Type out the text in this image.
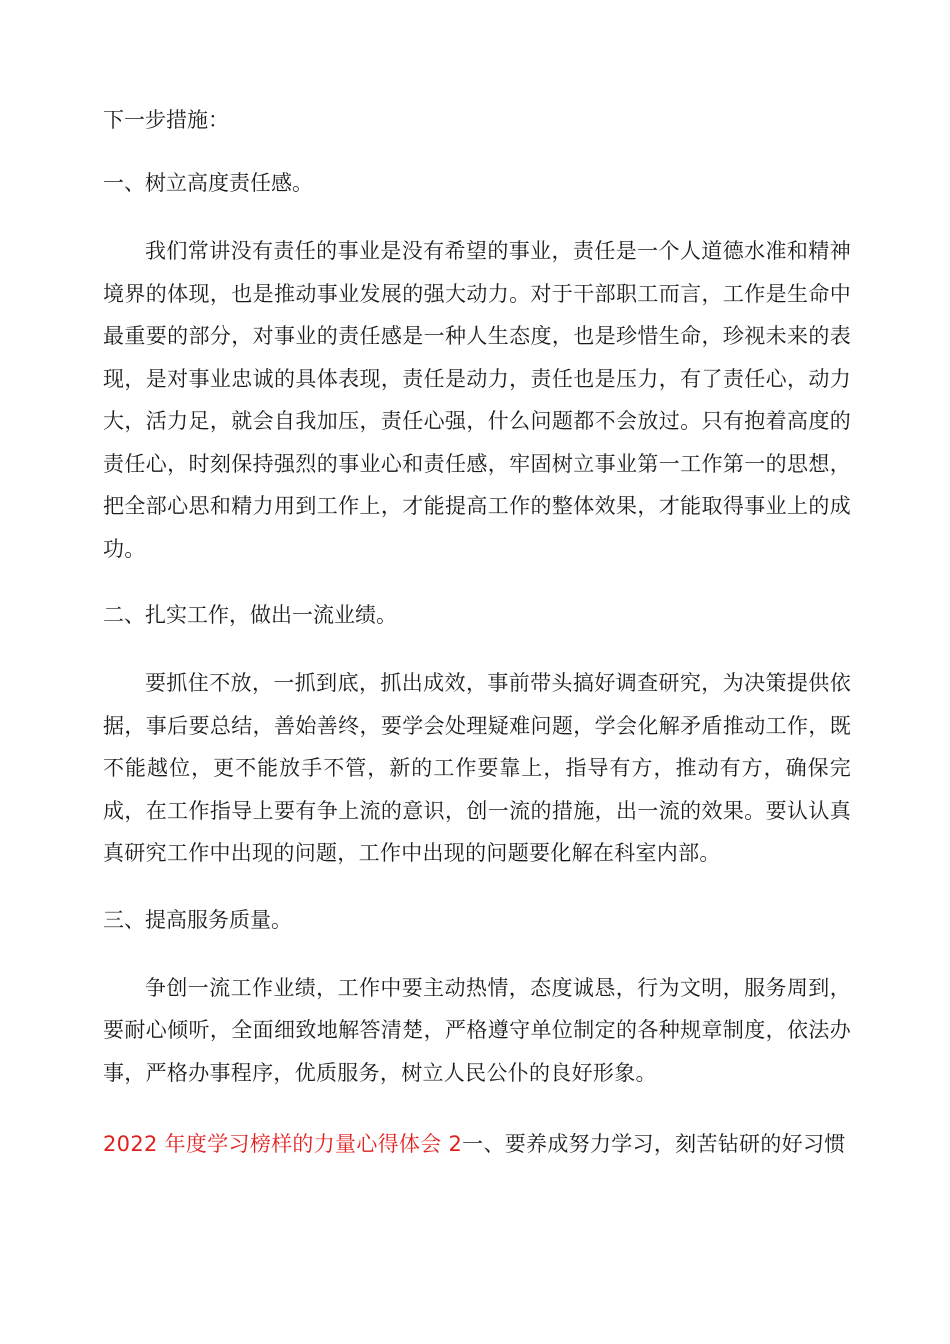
下一步措施：

一、树立高度责任感。

我们常讲没有责任的事业是没有希望的事业，责任是一个人道德水准和精神境界的体现，也是推动事业发展的强大动力。对于干部职工而言，工作是生命中最重要的部分，对事业的责任感是一种人生态度，也是珍惜生命，珍视未来的表现，是对事业忠诚的具体表现，责任是动力，责任也是压力，有了责任心，动力大，活力足，就会自我加压，责任心强，什么问题都不会放过。只有抱着高度的责任心，时刻保持强烈的事业心和责任感，牢固树立事业第一工作第一的思想，把全部心思和精力用到工作上，才能提高工作的整体效果，才能取得事业上的成功。

二、扎实工作，做出一流业绩。

要抓住不放，一抓到底，抓出成效，事前带头搞好调查研究，为决策提供依据，事后要总结，善始善终，要学会处理疑难问题，学会化解矛盾推动工作，既不能越位，更不能放手不管，新的工作要靠上，指导有方，推动有方，确保完成，在工作指导上要有争上流的意识，创一流的措施，出一流的效果。要认认真真研究工作中出现的问题，工作中出现的问题要化解在科室内部。

三、提高服务质量。

争创一流工作业绩，工作中要主动热情，态度诚恳，行为文明，服务周到，要耐心倾听，全面细致地解答清楚，严格遵守单位制定的各种规章制度，依法办事，严格办事程序，优质服务，树立人民公仆的良好形象。

2022 年度学习榜样的力量心得体会 2一、要养成努力学习，刻苦钻研的好习惯
